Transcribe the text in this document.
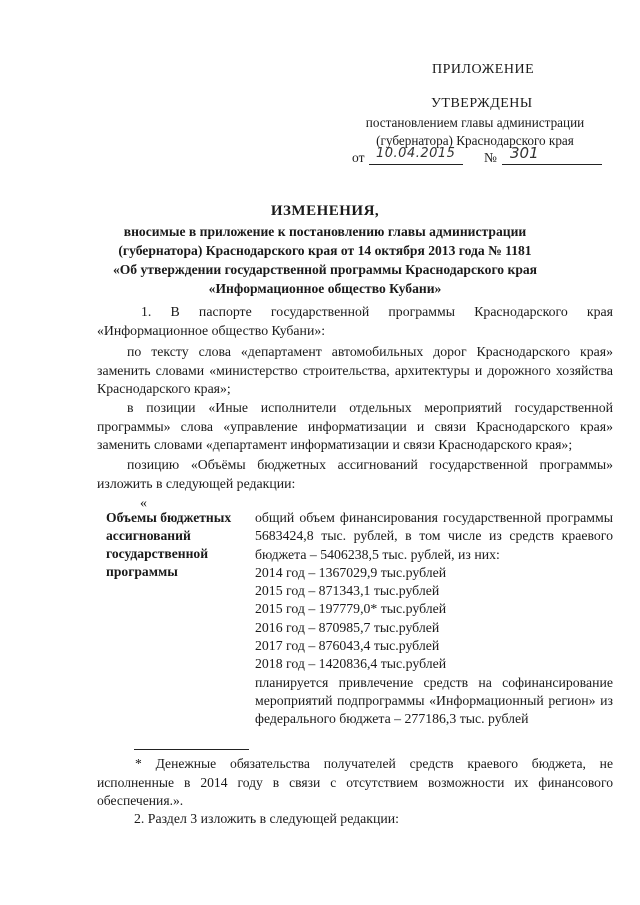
ПРИЛОЖЕНИЕ
УТВЕРЖДЕНЫ
постановлением главы администрации
(губернатора) Краснодарского края
от 10.04.2015 № 301
ИЗМЕНЕНИЯ,
вносимые в приложение к постановлению главы администрации
(губернатора) Краснодарского края от 14 октября 2013 года № 1181
«Об утверждении государственной программы Краснодарского края
«Информационное общество Кубани»
1. В паспорте государственной программы Краснодарского края «Информационное общество Кубани»:
по тексту слова «департамент автомобильных дорог Краснодарского края» заменить словами «министерство строительства, архитектуры и дорожного хозяйства Краснодарского края»;
в позиции «Иные исполнители отдельных мероприятий государственной программы» слова «управление информатизации и связи Краснодарского края» заменить словами «департамент информатизации и связи Краснодарского края»;
позицию «Объёмы бюджетных ассигнований государственной программы» изложить в следующей редакции:
«
Объемы бюджетных ассигнований государственной программы
общий объем финансирования государственной программы 5683424,8 тыс. рублей, в том числе из средств краевого бюджета – 5406238,5 тыс. рублей, из них:
2014 год – 1367029,9 тыс.рублей
2015 год – 871343,1 тыс.рублей
2015 год – 197779,0* тыс.рублей
2016 год – 870985,7 тыс.рублей
2017 год – 876043,4 тыс.рублей
2018 год – 1420836,4 тыс.рублей
планируется привлечение средств на софинансирование мероприятий подпрограммы «Информационный регион» из федерального бюджета – 277186,3 тыс. рублей
* Денежные обязательства получателей средств краевого бюджета, не исполненные в 2014 году в связи с отсутствием возможности их финансового обеспечения.».
2. Раздел 3 изложить в следующей редакции:
